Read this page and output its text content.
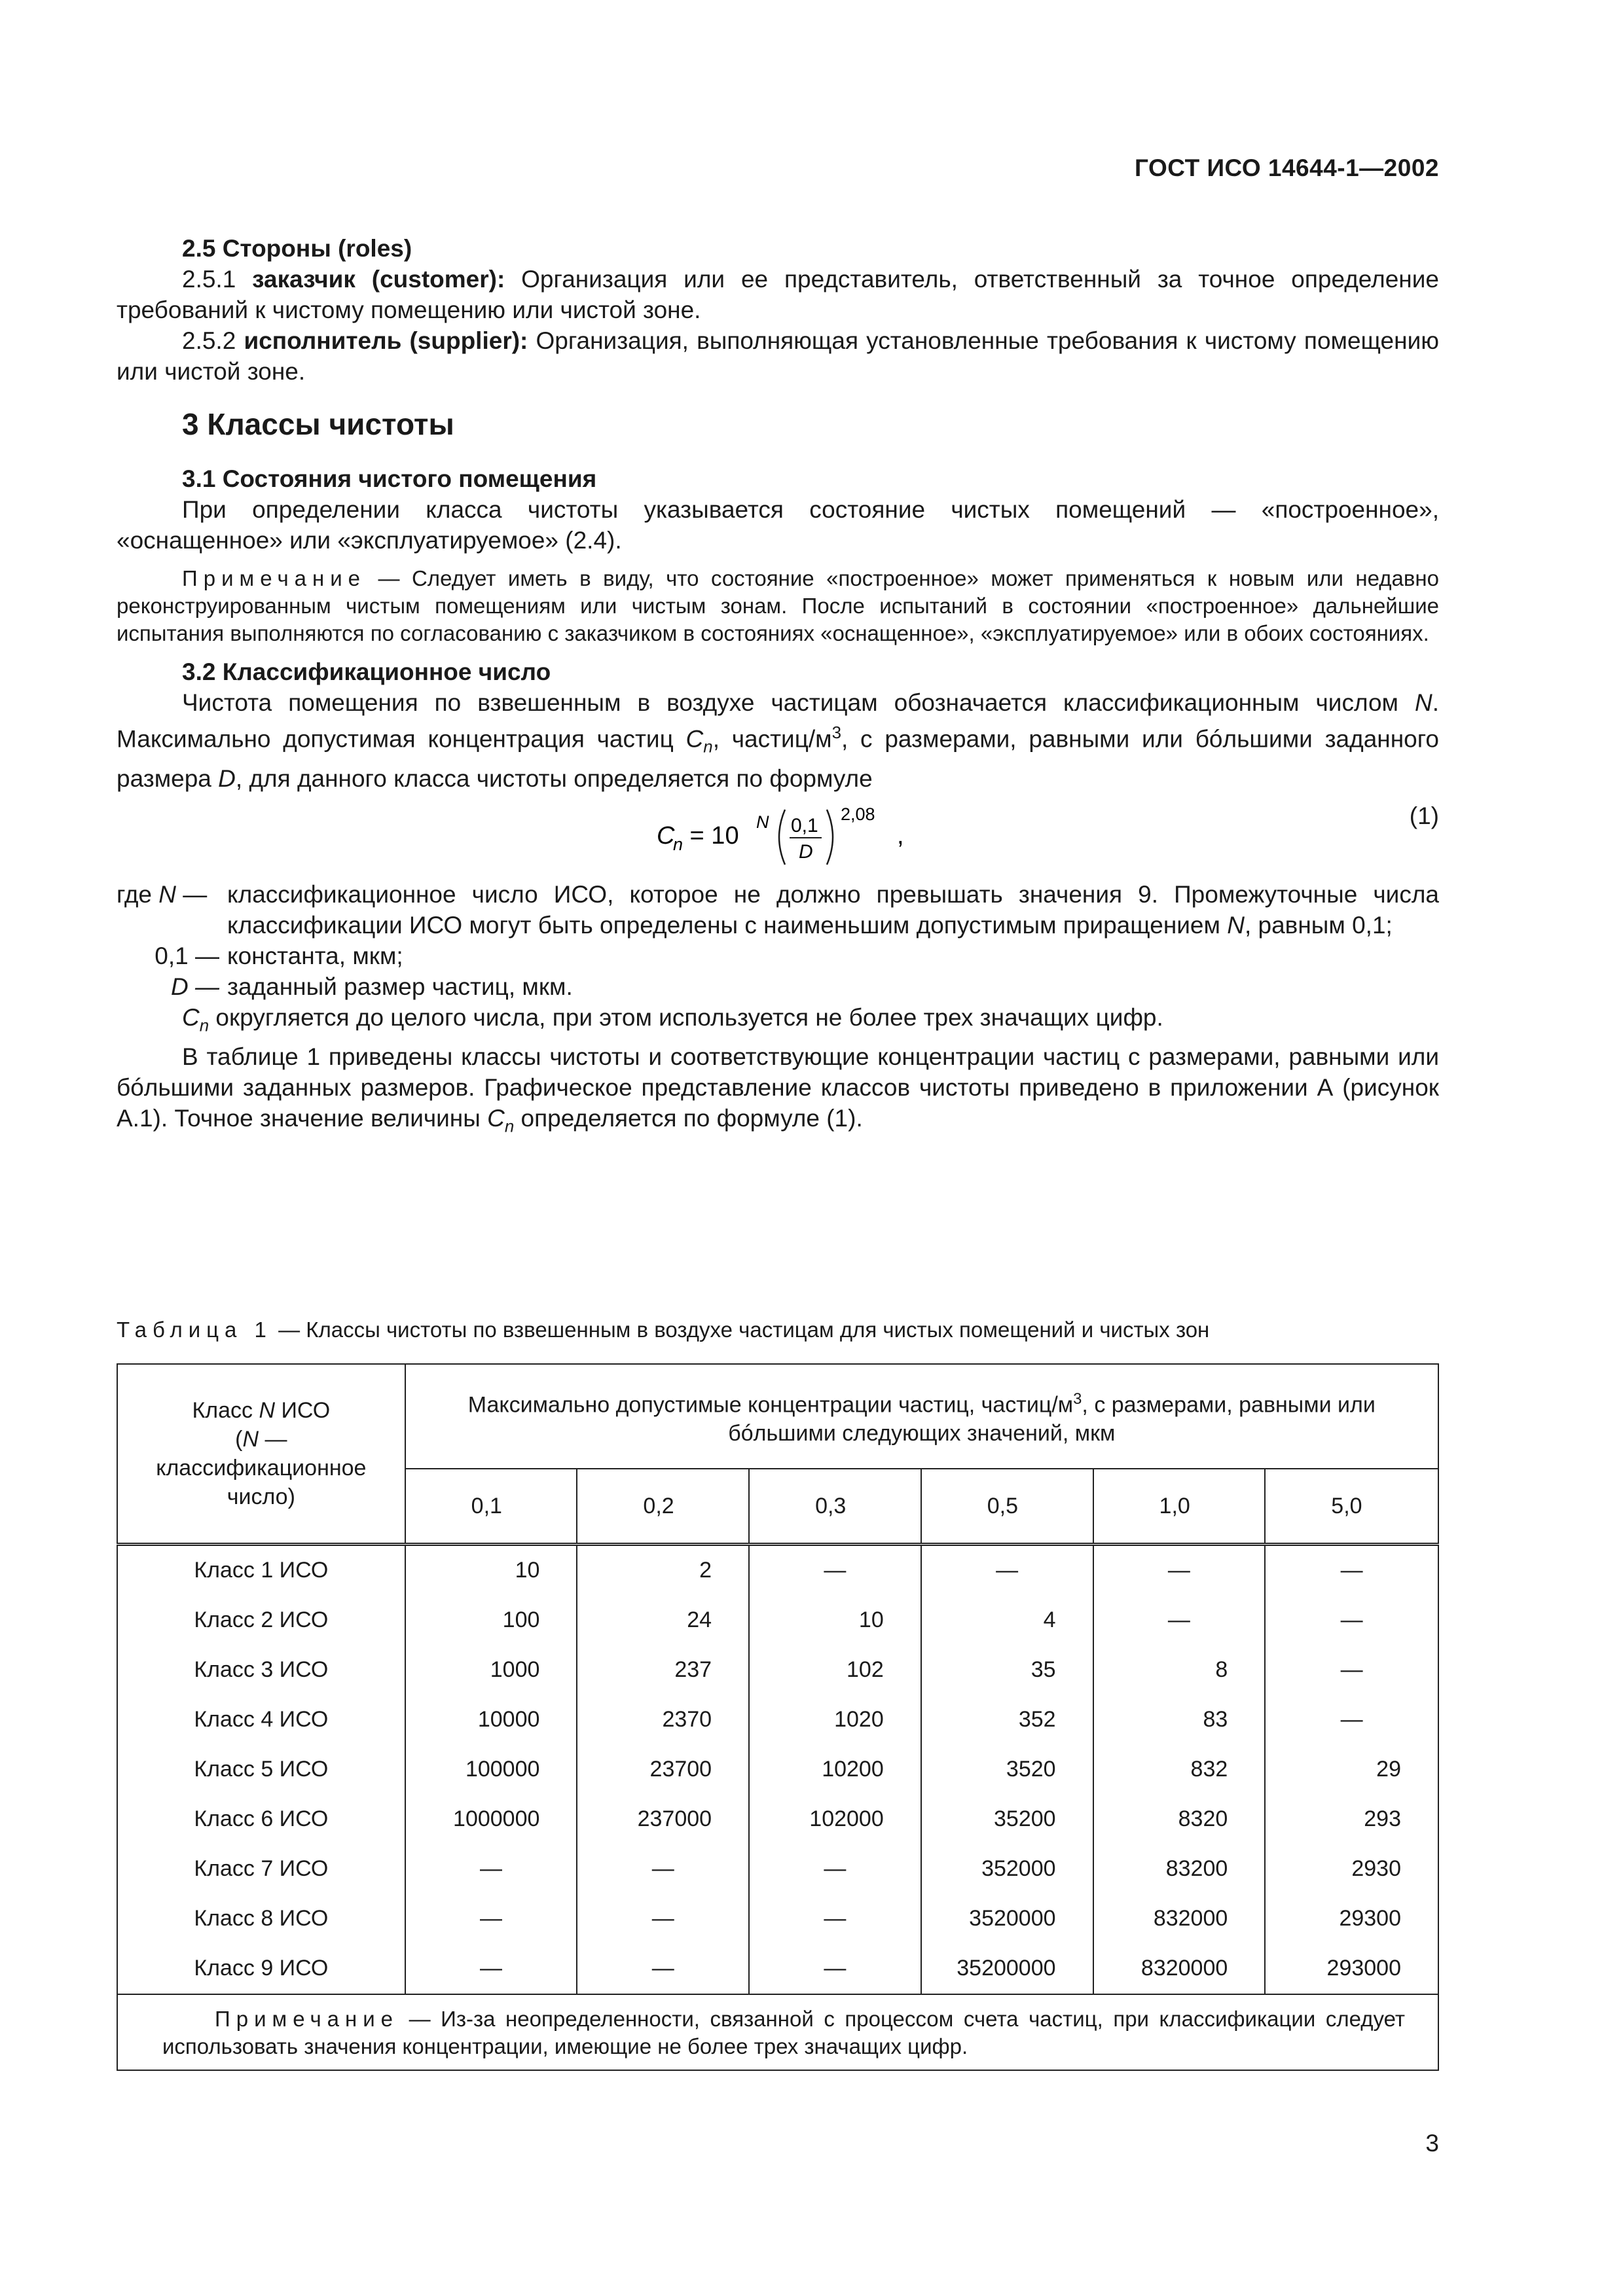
ГОСТ ИСО 14644-1—2002

2.5 Стороны (roles)

2.5.1 заказчик (customer): Организация или ее представитель, ответственный за точное определение требований к чистому помещению или чистой зоне.

2.5.2 исполнитель (supplier): Организация, выполняющая установленные требования к чистому помещению или чистой зоне.

3 Классы чистоты

3.1 Состояния чистого помещения

При определении класса чистоты указывается состояние чистых помещений — «построенное», «оснащенное» или «эксплуатируемое» (2.4).

Примечание — Следует иметь в виду, что состояние «построенное» может применяться к новым или недавно реконструированным чистым помещениям или чистым зонам. После испытаний в состоянии «построенное» дальнейшие испытания выполняются по согласованию с заказчиком в состояниях «оснащенное», «эксплуатируемое» или в обоих состояниях.

3.2 Классификационное число

Чистота помещения по взвешенным в воздухе частицам обозначается классификационным числом N. Максимально допустимая концентрация частиц $C_n$, частиц/$м^3$, с размерами, равными или бóльшими заданного размера D, для данного класса чистоты определяется по формуле

C
n = 10 N 0,1
D
2,08
,
(1)
где N — классификационное число ИСО, которое не должно превышать значения 9. Промежуточные числа классификации ИСО могут быть определены с наименьшим допустимым приращением N, равным 0,1;
0,1 — константа, мкм;
D — заданный размер частиц, мкм.

$C_n$ округляется до целого числа, при этом используется не более трех значащих цифр.

В таблице 1 приведены классы чистоты и соответствующие концентрации частиц с размерами, равными или бóльшими заданных размеров. Графическое представление классов чистоты приведено в приложении А (рисунок А.1). Точное значение величины $C_n$ определяется по формуле (1).

Таблица 1 — Классы чистоты по взвешенным в воздухе частицам для чистых помещений и чистых зон
Класс N ИСО
(N — классификационное число)	Максимально допустимые концентрации частиц, частиц/$м^3$, с размерами, равными или бóльшими следующих значений, мкм					
	0,1	0,2	0,3	0,5	1,0	5,0
Класс 1 ИСО	10	2	—	—	—	—
Класс 2 ИСО	100	24	10	4	—	—
Класс 3 ИСО	1000	237	102	35	8	—
Класс 4 ИСО	10000	2370	1020	352	83	—
Класс 5 ИСО	100000	23700	10200	3520	832	29
Класс 6 ИСО	1000000	237000	102000	35200	8320	293
Класс 7 ИСО	—	—	—	352000	83200	2930
Класс 8 ИСО	—	—	—	3520000	832000	29300
Класс 9 ИСО	—	—	—	35200000	8320000	293000
Примечание — Из-за неопределенности, связанной с процессом счета частиц, при классификации следует использовать значения концентрации, имеющие не более трех значащих цифр.						
3
